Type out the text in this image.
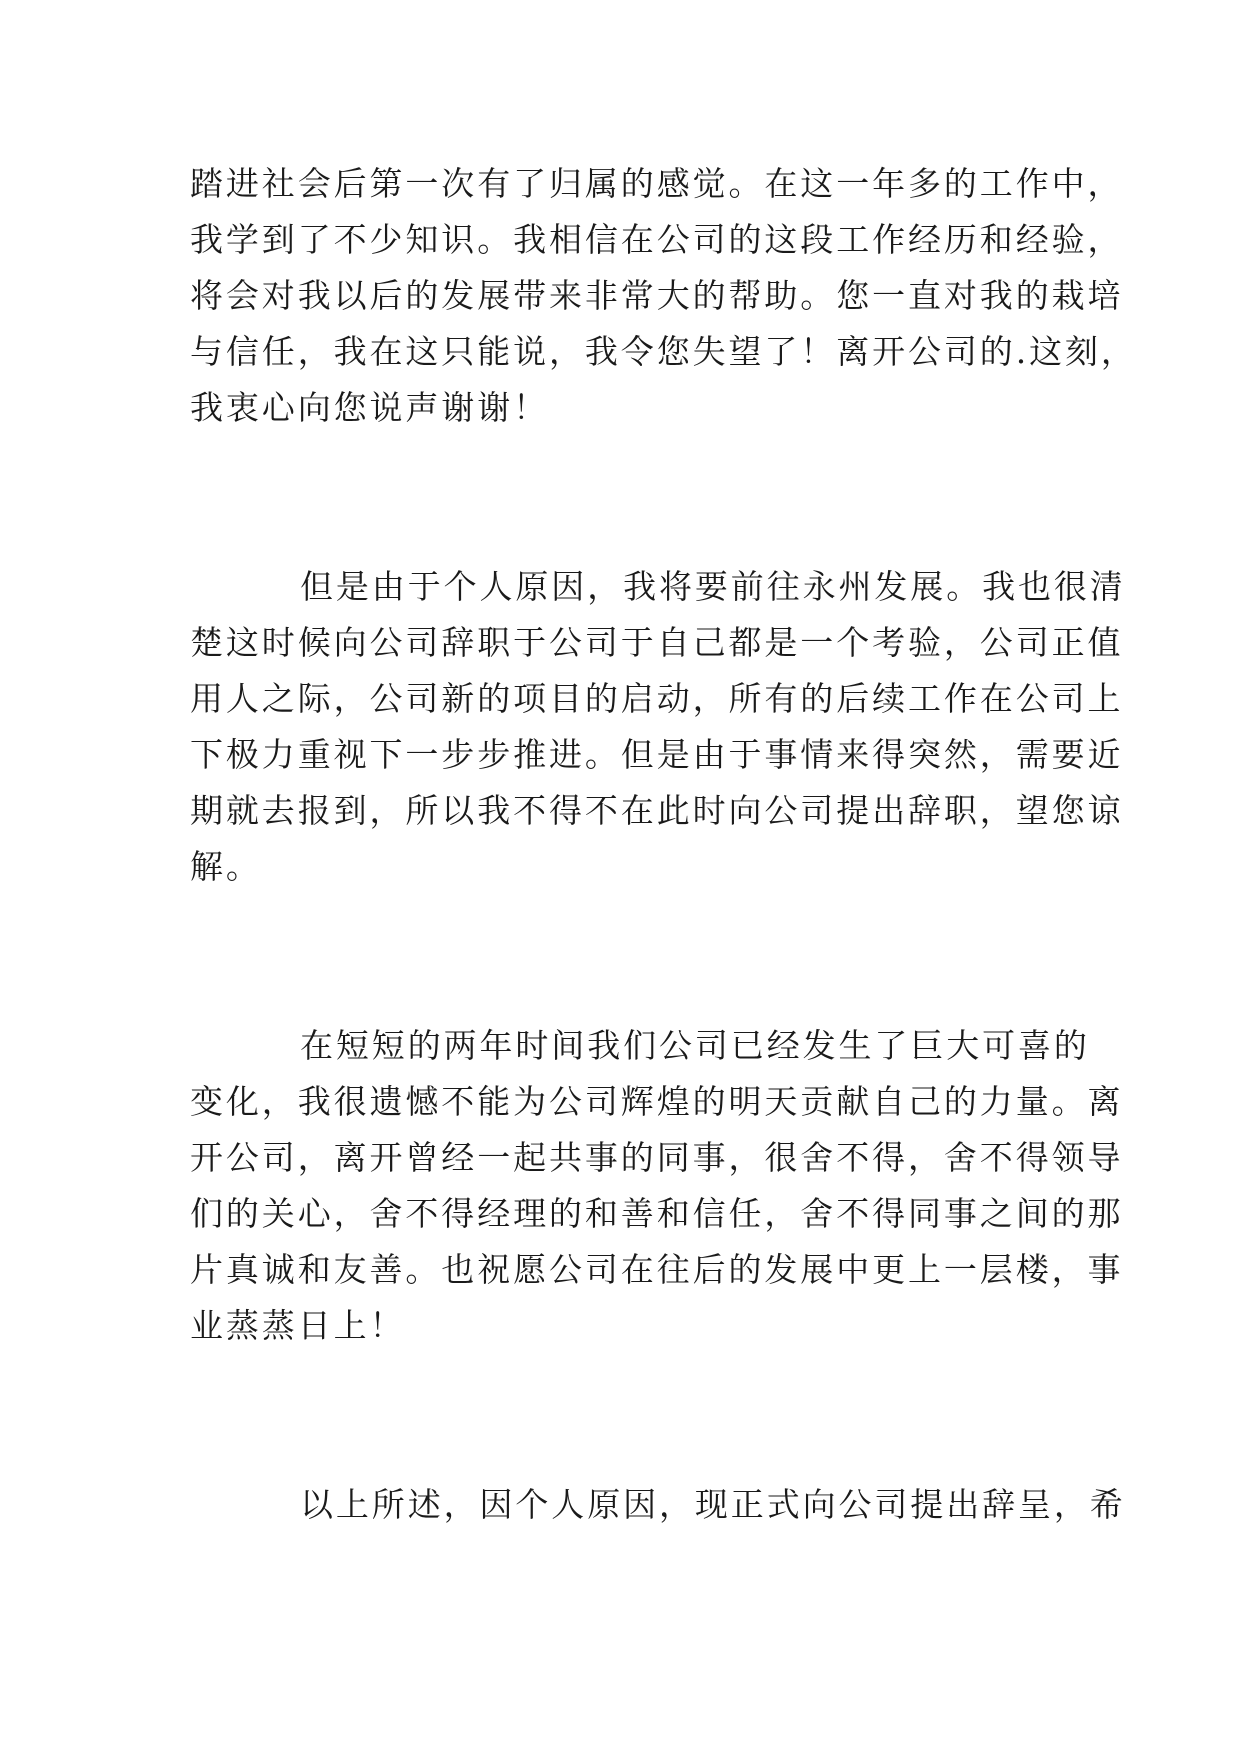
踏进社会后第一次有了归属的感觉。在这一年多的工作中，
我学到了不少知识。我相信在公司的这段工作经历和经验，
将会对我以后的发展带来非常大的帮助。您一直对我的栽培
与信任，我在这只能说，我令您失望了！离开公司的.这刻，
我衷心向您说声谢谢！
但是由于个人原因，我将要前往永州发展。我也很清
楚这时候向公司辞职于公司于自己都是一个考验，公司正值
用人之际，公司新的项目的启动，所有的后续工作在公司上
下极力重视下一步步推进。但是由于事情来得突然，需要近
期就去报到，所以我不得不在此时向公司提出辞职，望您谅
解。
在短短的两年时间我们公司已经发生了巨大可喜的
变化，我很遗憾不能为公司辉煌的明天贡献自己的力量。离
开公司，离开曾经一起共事的同事，很舍不得，舍不得领导
们的关心，舍不得经理的和善和信任，舍不得同事之间的那
片真诚和友善。也祝愿公司在往后的发展中更上一层楼，事
业蒸蒸日上！
以上所述，因个人原因，现正式向公司提出辞呈，希
